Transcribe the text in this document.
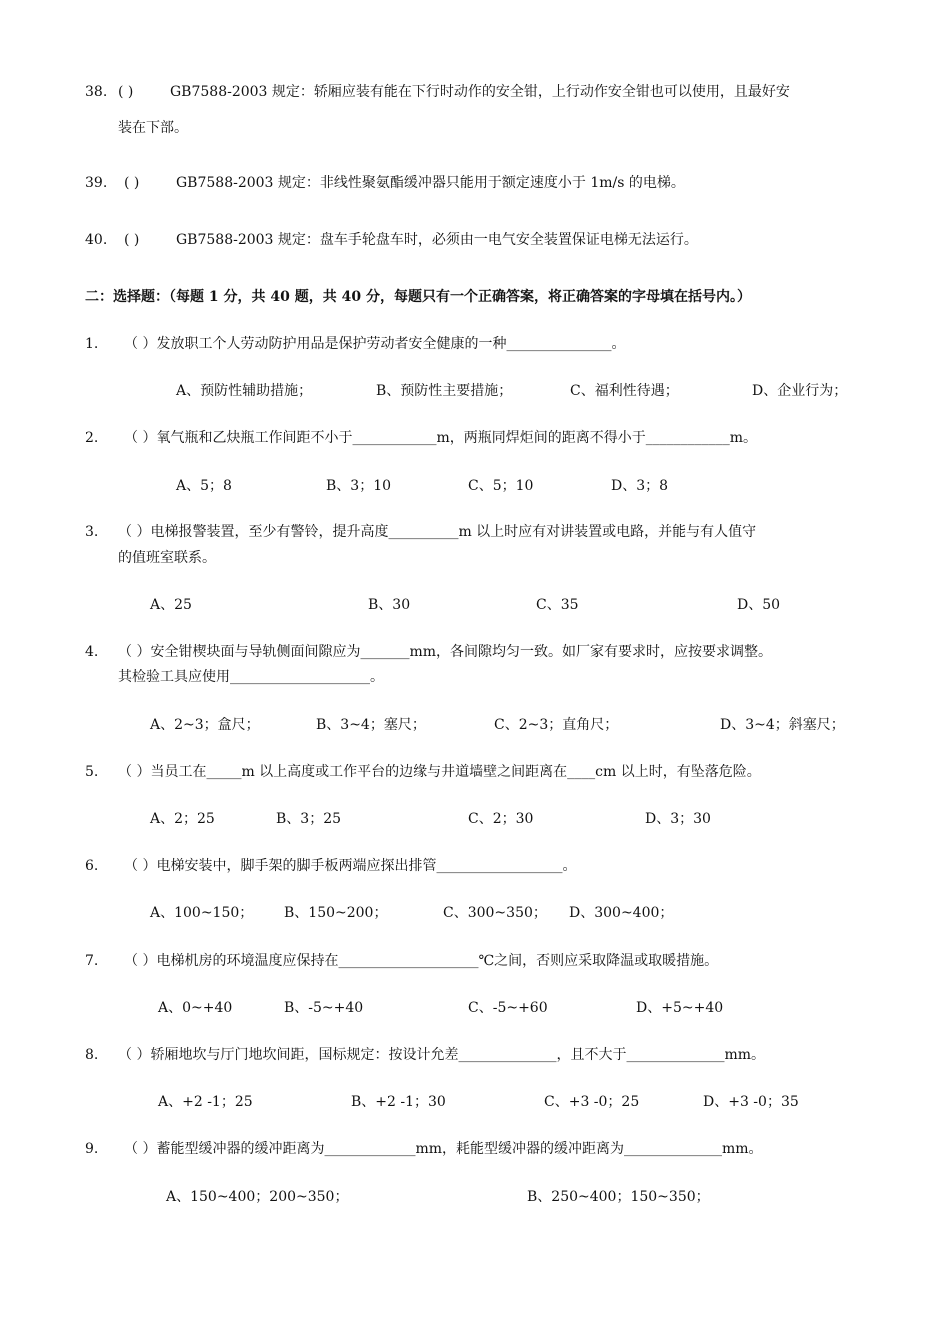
38. ( )	GB7588-2003 规定：轿厢应装有能在下行时动作的安全钳，上行动作安全钳也可以使用，且最好安
装在下部。
39. ( )	GB7588-2003 规定：非线性聚氨酯缓冲器只能用于额定速度小于 1m/s 的电梯。
40. ( )	GB7588-2003 规定：盘车手轮盘车时，必须由一电气安全装置保证电梯无法运行。
二：选择题：（每题 1 分，共 40 题，共 40 分，每题只有一个正确答案，将正确答案的字母填在括号内。）
1. （ ）发放职工个人劳动防护用品是保护劳动者安全健康的一种_______________。
A、预防性辅助措施；	B、预防性主要措施；	C、福利性待遇；	D、企业行为；
2. （ ）氧气瓶和乙炔瓶工作间距不小于____________m，两瓶同焊炬间的距离不得小于____________m。
A、5；8	B、3；10	C、5；10	D、3；8
3. （ ）电梯报警装置，至少有警铃，提升高度__________m 以上时应有对讲装置或电路，并能与有人值守
的值班室联系。
A、25	B、30	C、35	D、50
4. （ ）安全钳楔块面与导轨侧面间隙应为_______mm，各间隙均匀一致。如厂家有要求时，应按要求调整。
其检验工具应使用____________________。
A、2~3；盒尺；	B、3~4；塞尺；	C、2~3；直角尺；	D、3~4；斜塞尺；
5. （ ）当员工在_____m 以上高度或工作平台的边缘与井道墙壁之间距离在____cm 以上时，有坠落危险。
A、2；25	B、3；25	C、2；30	D、3；30
6. （ ）电梯安装中，脚手架的脚手板两端应探出排管__________________。
A、100~150； B、150~200；	C、300~350； D、300~400；
7. （ ）电梯机房的环境温度应保持在____________________℃之间，否则应采取降温或取暖措施。
A、0~+40	B、-5~+40	C、-5~+60	D、+5~+40
8. （ ）轿厢地坎与厅门地坎间距，国标规定：按设计允差______________，且不大于______________mm。
A、+2 -1；25	B、+2 -1；30	C、+3 -0；25	D、+3 -0；35
9. （ ）蓄能型缓冲器的缓冲距离为_____________mm，耗能型缓冲器的缓冲距离为______________mm。
A、150~400；200~350；	B、250~400；150~350；
